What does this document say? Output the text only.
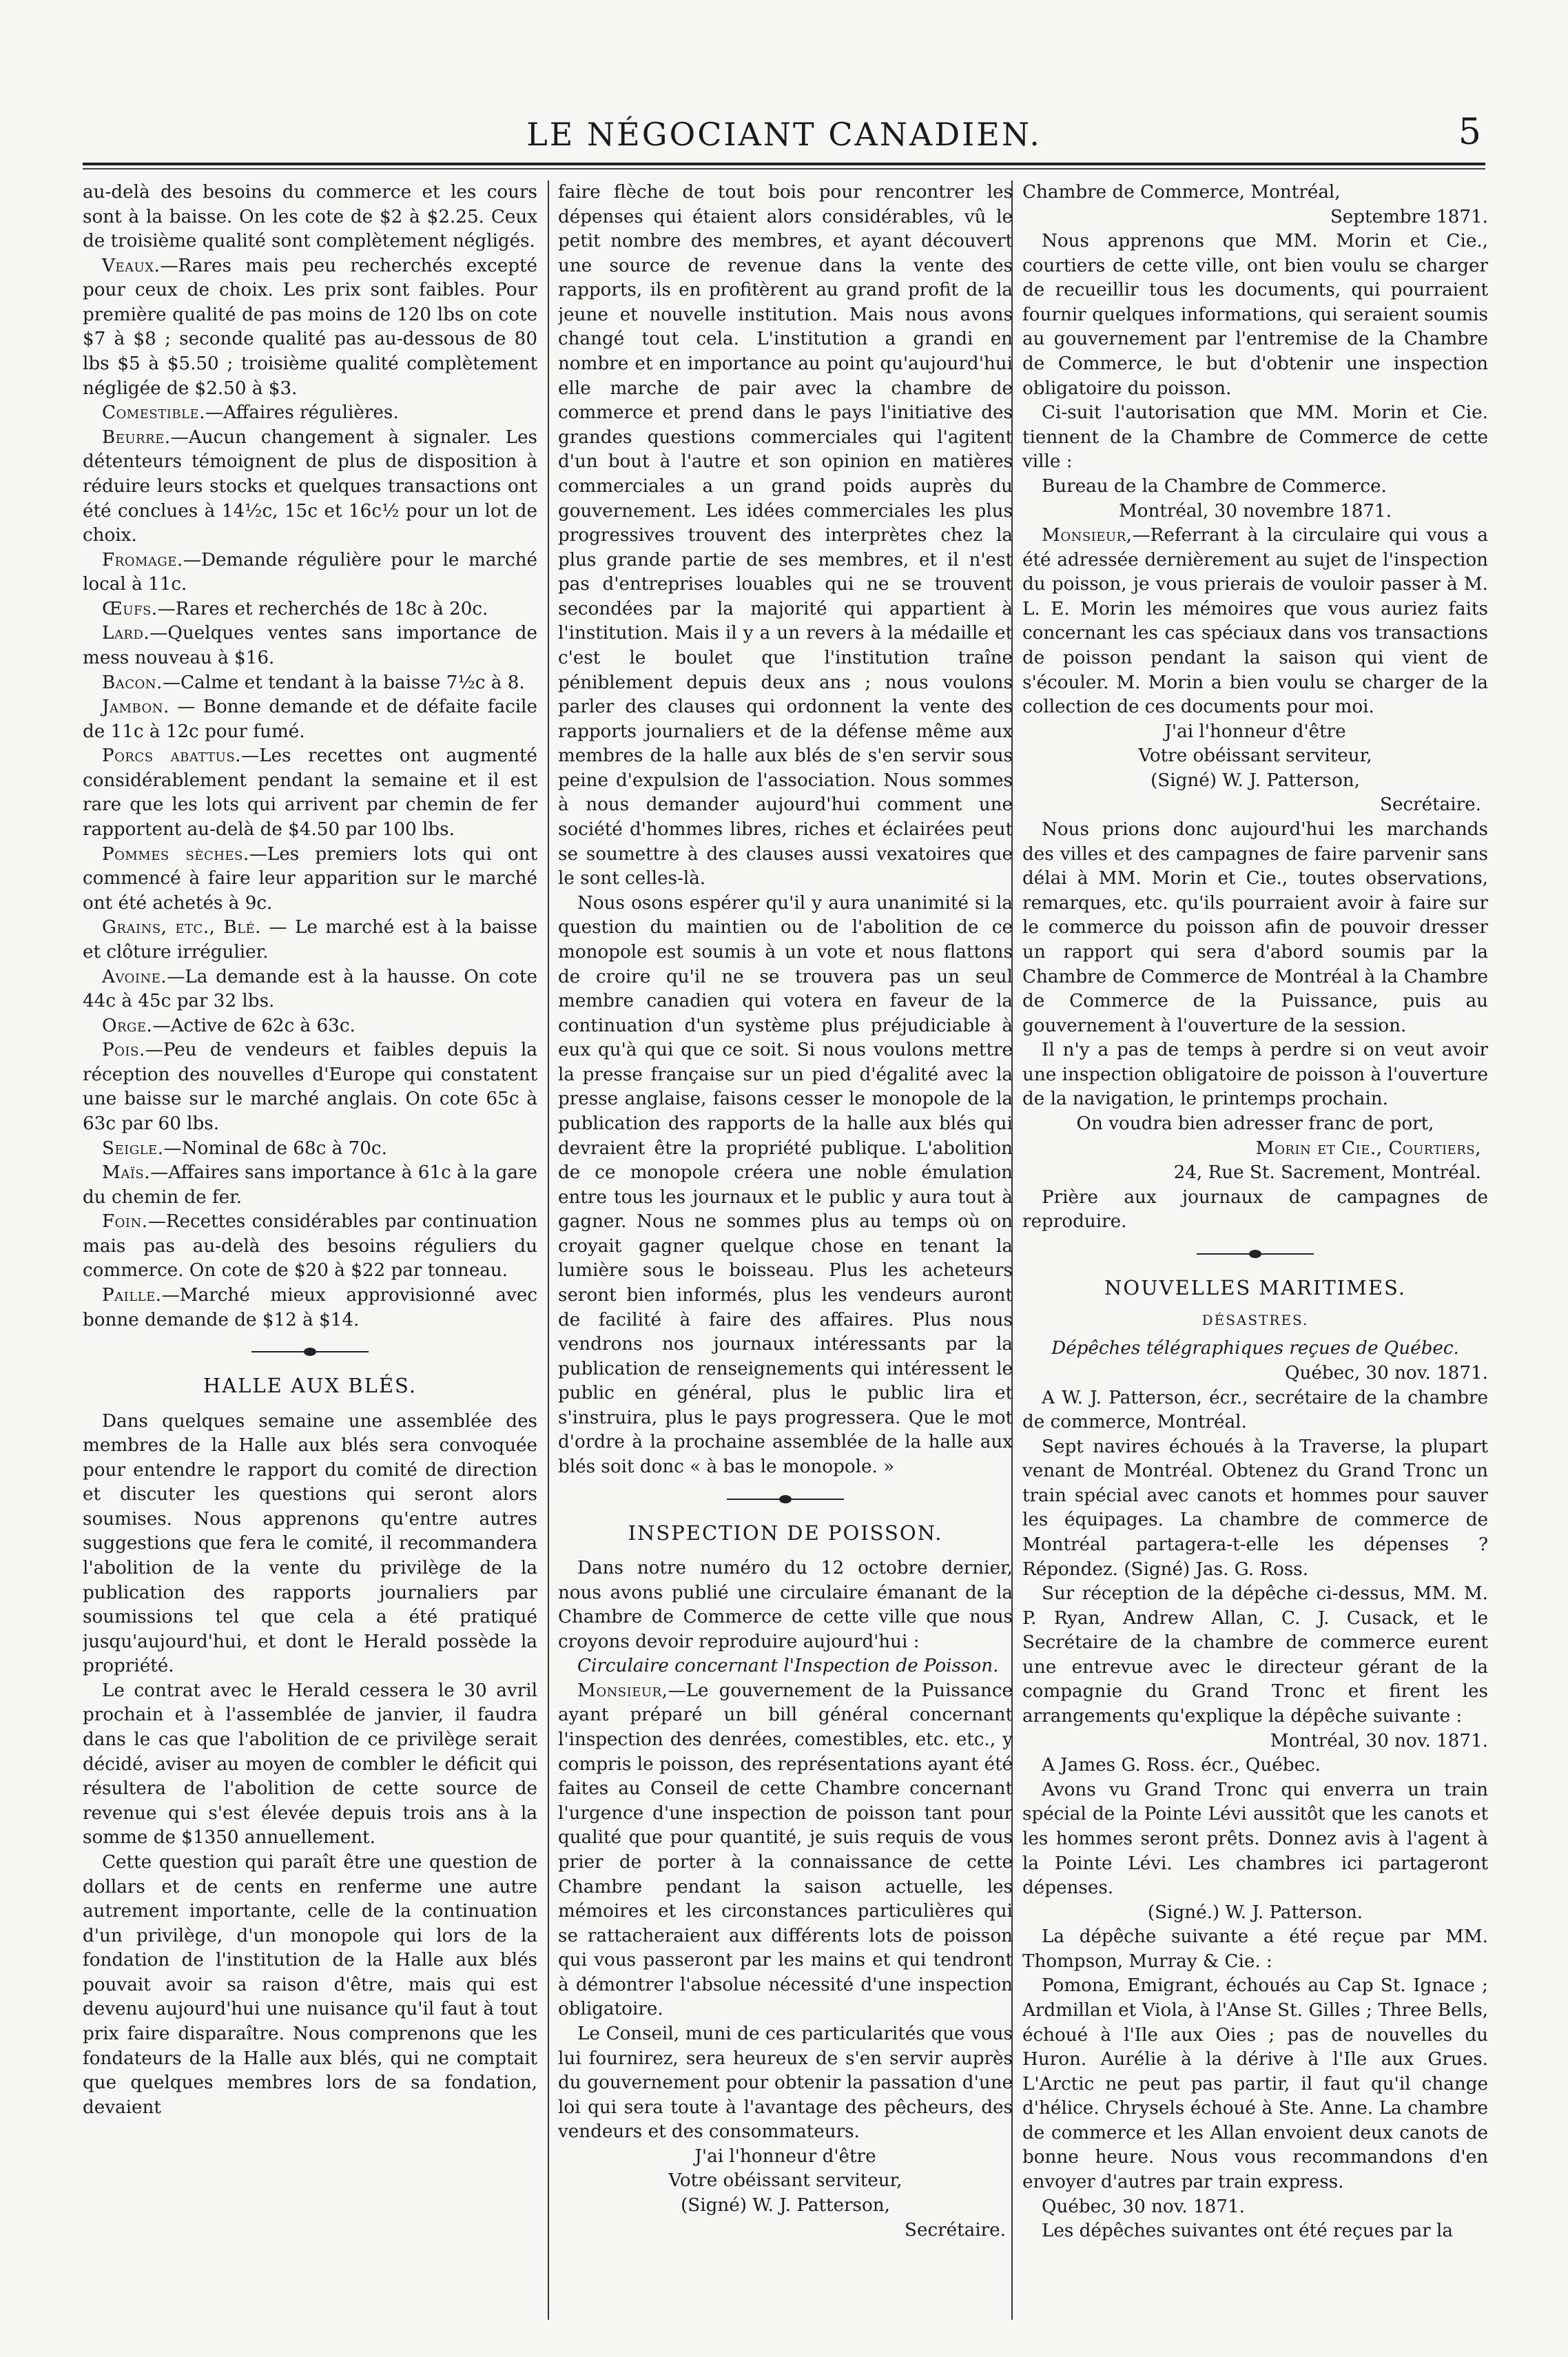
LE NÉGOCIANT CANADIEN.	5

au-delà des besoins du commerce et les cours sont à la baisse. On les cote de $2 à $2.25. Ceux de troisième qualité sont complètement négligés.

Veaux.—Rares mais peu recherchés excepté pour ceux de choix. Les prix sont faibles. Pour première qualité de pas moins de 120 lbs on cote $7 à $8 ; seconde qualité pas au-dessous de 80 lbs $5 à $5.50 ; troisième qualité complètement négligée de $2.50 à $3.

Comestible.—Affaires régulières.

Beurre.—Aucun changement à signaler. Les détenteurs témoignent de plus de disposition à réduire leurs stocks et quelques transactions ont été conclues à 14½c, 15c et 16c½ pour un lot de choix.

Fromage.—Demande régulière pour le marché local à 11c.

Œufs.—Rares et recherchés de 18c à 20c.

Lard.—Quelques ventes sans importance de mess nouveau à $16.

Bacon.—Calme et tendant à la baisse 7½c à 8.

Jambon. — Bonne demande et de défaite facile de 11c à 12c pour fumé.

Porcs abattus.—Les recettes ont augmenté considérablement pendant la semaine et il est rare que les lots qui arrivent par chemin de fer rapportent au-delà de $4.50 par 100 lbs.

Pommes sèches.—Les premiers lots qui ont commencé à faire leur apparition sur le marché ont été achetés à 9c.

Grains, etc., Blé. — Le marché est à la baisse et clôture irrégulier.

Avoine.—La demande est à la hausse. On cote 44c à 45c par 32 lbs.

Orge.—Active de 62c à 63c.

Pois.—Peu de vendeurs et faibles depuis la réception des nouvelles d'Europe qui constatent une baisse sur le marché anglais. On cote 65c à 63c par 60 lbs.

Seigle.—Nominal de 68c à 70c.

Maïs.—Affaires sans importance à 61c à la gare du chemin de fer.

Foin.—Recettes considérables par continuation mais pas au-delà des besoins réguliers du commerce. On cote de $20 à $22 par tonneau.

Paille.—Marché mieux approvisionné avec bonne demande de $12 à $14.

HALLE AUX BLÉS.

Dans quelques semaine une assemblée des membres de la Halle aux blés sera convoquée pour entendre le rapport du comité de direction et discuter les questions qui seront alors soumises. Nous apprenons qu'entre autres suggestions que fera le comité, il recommandera l'abolition de la vente du privilège de la publication des rapports journaliers par soumissions tel que cela a été pratiqué jusqu'aujourd'hui, et dont le Herald possède la propriété.

Le contrat avec le Herald cessera le 30 avril prochain et à l'assemblée de janvier, il faudra dans le cas que l'abolition de ce privilège serait décidé, aviser au moyen de combler le déficit qui résultera de l'abolition de cette source de revenue qui s'est élevée depuis trois ans à la somme de $1350 annuellement.

Cette question qui paraît être une question de dollars et de cents en renferme une autre autrement importante, celle de la continuation d'un privilège, d'un monopole qui lors de la fondation de l'institution de la Halle aux blés pouvait avoir sa raison d'être, mais qui est devenu aujourd'hui une nuisance qu'il faut à tout prix faire disparaître. Nous comprenons que les fondateurs de la Halle aux blés, qui ne comptait que quelques membres lors de sa fondation, devaient

faire flèche de tout bois pour rencontrer les dépenses qui étaient alors considérables, vû le petit nombre des membres, et ayant découvert une source de revenue dans la vente des rapports, ils en profitèrent au grand profit de la jeune et nouvelle institution. Mais nous avons changé tout cela. L'institution a grandi en nombre et en importance au point qu'aujourd'hui elle marche de pair avec la chambre de commerce et prend dans le pays l'initiative des grandes questions commerciales qui l'agitent d'un bout à l'autre et son opinion en matières commerciales a un grand poids auprès du gouvernement. Les idées commerciales les plus progressives trouvent des interprètes chez la plus grande partie de ses membres, et il n'est pas d'entreprises louables qui ne se trouvent secondées par la majorité qui appartient à l'institution. Mais il y a un revers à la médaille et c'est le boulet que l'institution traîne péniblement depuis deux ans ; nous voulons parler des clauses qui ordonnent la vente des rapports journaliers et de la défense même aux membres de la halle aux blés de s'en servir sous peine d'expulsion de l'association. Nous sommes à nous demander aujourd'hui comment une société d'hommes libres, riches et éclairées peut se soumettre à des clauses aussi vexatoires que le sont celles-là.

Nous osons espérer qu'il y aura unanimité si la question du maintien ou de l'abolition de ce monopole est soumis à un vote et nous flattons de croire qu'il ne se trouvera pas un seul membre canadien qui votera en faveur de la continuation d'un système plus préjudiciable à eux qu'à qui que ce soit. Si nous voulons mettre la presse française sur un pied d'égalité avec la presse anglaise, faisons cesser le monopole de la publication des rapports de la halle aux blés qui devraient être la propriété publique. L'abolition de ce monopole créera une noble émulation entre tous les journaux et le public y aura tout à gagner. Nous ne sommes plus au temps où on croyait gagner quelque chose en tenant la lumière sous le boisseau. Plus les acheteurs seront bien informés, plus les vendeurs auront de facilité à faire des affaires. Plus nous vendrons nos journaux intéressants par la publication de renseignements qui intéressent le public en général, plus le public lira et s'instruira, plus le pays progressera. Que le mot d'ordre à la prochaine assemblée de la halle aux blés soit donc « à bas le monopole. »

INSPECTION DE POISSON.

Dans notre numéro du 12 octobre dernier, nous avons publié une circulaire émanant de la Chambre de Commerce de cette ville que nous croyons devoir reproduire aujourd'hui :

Circulaire concernant l'Inspection de Poisson.

Monsieur,—Le gouvernement de la Puissance ayant préparé un bill général concernant l'inspection des denrées, comestibles, etc. etc., y compris le poisson, des représentations ayant été faites au Conseil de cette Chambre concernant l'urgence d'une inspection de poisson tant pour qualité que pour quantité, je suis requis de vous prier de porter à la connaissance de cette Chambre pendant la saison actuelle, les mémoires et les circonstances particulières qui se rattacheraient aux différents lots de poisson qui vous passeront par les mains et qui tendront à démontrer l'absolue nécessité d'une inspection obligatoire.

Le Conseil, muni de ces particularités que vous lui fournirez, sera heureux de s'en servir auprès du gouvernement pour obtenir la passation d'une loi qui sera toute à l'avantage des pêcheurs, des vendeurs et des consommateurs.

J'ai l'honneur d'être

Votre obéissant serviteur,

(Signé) W. J. Patterson,

Secrétaire.

Chambre de Commerce, Montréal,

Septembre 1871.

Nous apprenons que MM. Morin et Cie., courtiers de cette ville, ont bien voulu se charger de recueillir tous les documents, qui pourraient fournir quelques informations, qui seraient soumis au gouvernement par l'entremise de la Chambre de Commerce, le but d'obtenir une inspection obligatoire du poisson.

Ci-suit l'autorisation que MM. Morin et Cie. tiennent de la Chambre de Commerce de cette ville :

Bureau de la Chambre de Commerce.

Montréal, 30 novembre 1871.

Monsieur,—Referrant à la circulaire qui vous a été adressée dernièrement au sujet de l'inspection du poisson, je vous prierais de vouloir passer à M. L. E. Morin les mémoires que vous auriez faits concernant les cas spéciaux dans vos transactions de poisson pendant la saison qui vient de s'écouler. M. Morin a bien voulu se charger de la collection de ces documents pour moi.

J'ai l'honneur d'être

Votre obéissant serviteur,

(Signé) W. J. Patterson,

Secrétaire.

Nous prions donc aujourd'hui les marchands des villes et des campagnes de faire parvenir sans délai à MM. Morin et Cie., toutes observations, remarques, etc. qu'ils pourraient avoir à faire sur le commerce du poisson afin de pouvoir dresser un rapport qui sera d'abord soumis par la Chambre de Commerce de Montréal à la Chambre de Commerce de la Puissance, puis au gouvernement à l'ouverture de la session.

Il n'y a pas de temps à perdre si on veut avoir une inspection obligatoire de poisson à l'ouverture de la navigation, le printemps prochain.

On voudra bien adresser franc de port,

Morin et Cie., Courtiers,

24, Rue St. Sacrement, Montréal.

Prière aux journaux de campagnes de reproduire.

NOUVELLES MARITIMES.
DÉSASTRES.

Dépêches télégraphiques reçues de Québec.

Québec, 30 nov. 1871.

A W. J. Patterson, écr., secrétaire de la chambre de commerce, Montréal.

Sept navires échoués à la Traverse, la plupart venant de Montréal. Obtenez du Grand Tronc un train spécial avec canots et hommes pour sauver les équipages. La chambre de commerce de Montréal partagera-t-elle les dépenses ? Répondez. (Signé) Jas. G. Ross.

Sur réception de la dépêche ci-dessus, MM. M. P. Ryan, Andrew Allan, C. J. Cusack, et le Secrétaire de la chambre de commerce eurent une entrevue avec le directeur gérant de la compagnie du Grand Tronc et firent les arrangements qu'explique la dépêche suivante :

Montréal, 30 nov. 1871.

A James G. Ross. écr., Québec.

Avons vu Grand Tronc qui enverra un train spécial de la Pointe Lévi aussitôt que les canots et les hommes seront prêts. Donnez avis à l'agent à la Pointe Lévi. Les chambres ici partageront dépenses.

(Signé.) W. J. Patterson.

La dépêche suivante a été reçue par MM. Thompson, Murray & Cie. :

Pomona, Emigrant, échoués au Cap St. Ignace ; Ardmillan et Viola, à l'Anse St. Gilles ; Three Bells, échoué à l'Ile aux Oies ; pas de nouvelles du Huron. Aurélie à la dérive à l'Ile aux Grues. L'Arctic ne peut pas partir, il faut qu'il change d'hélice. Chrysels échoué à Ste. Anne. La chambre de commerce et les Allan envoient deux canots de bonne heure. Nous vous recommandons d'en envoyer d'autres par train express.

Québec, 30 nov. 1871.

Les dépêches suivantes ont été reçues par la
